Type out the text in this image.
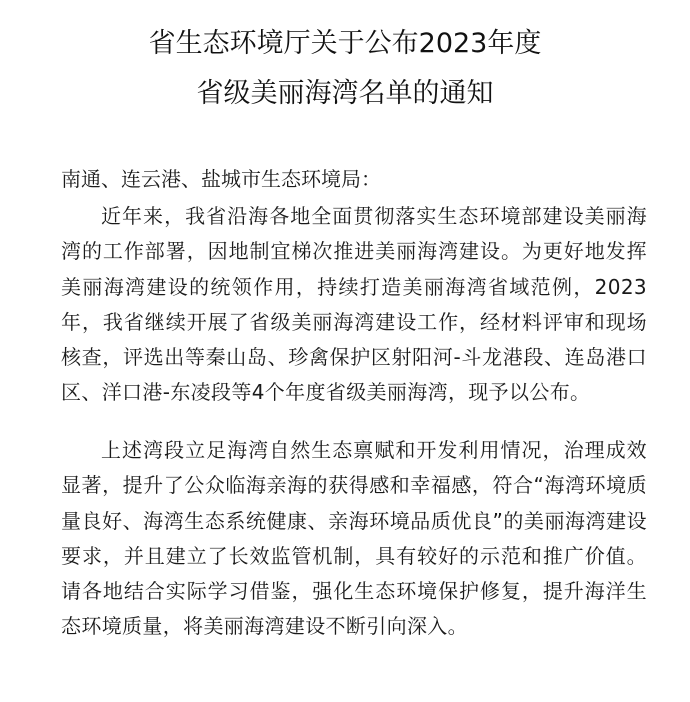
省生态环境厅关于公布2023年度
省级美丽海湾名单的通知
南通、连云港、盐城市生态环境局：

近年来，我省沿海各地全面贯彻落实生态环境部建设美丽海湾的工作部署，因地制宜梯次推进美丽海湾建设。为更好地发挥美丽海湾建设的统领作用，持续打造美丽海湾省域范例，2023年，我省继续开展了省级美丽海湾建设工作，经材料评审和现场核查，评选出等秦山岛、珍禽保护区射阳河-斗龙港段、连岛港口区、洋口港-东凌段等4个年度省级美丽海湾，现予以公布。

上述湾段立足海湾自然生态禀赋和开发利用情况，治理成效显著，提升了公众临海亲海的获得感和幸福感，符合“海湾环境质量良好、海湾生态系统健康、亲海环境品质优良”的美丽海湾建设要求，并且建立了长效监管机制，具有较好的示范和推广价值。请各地结合实际学习借鉴，强化生态环境保护修复，提升海洋生态环境质量，将美丽海湾建设不断引向深入。
